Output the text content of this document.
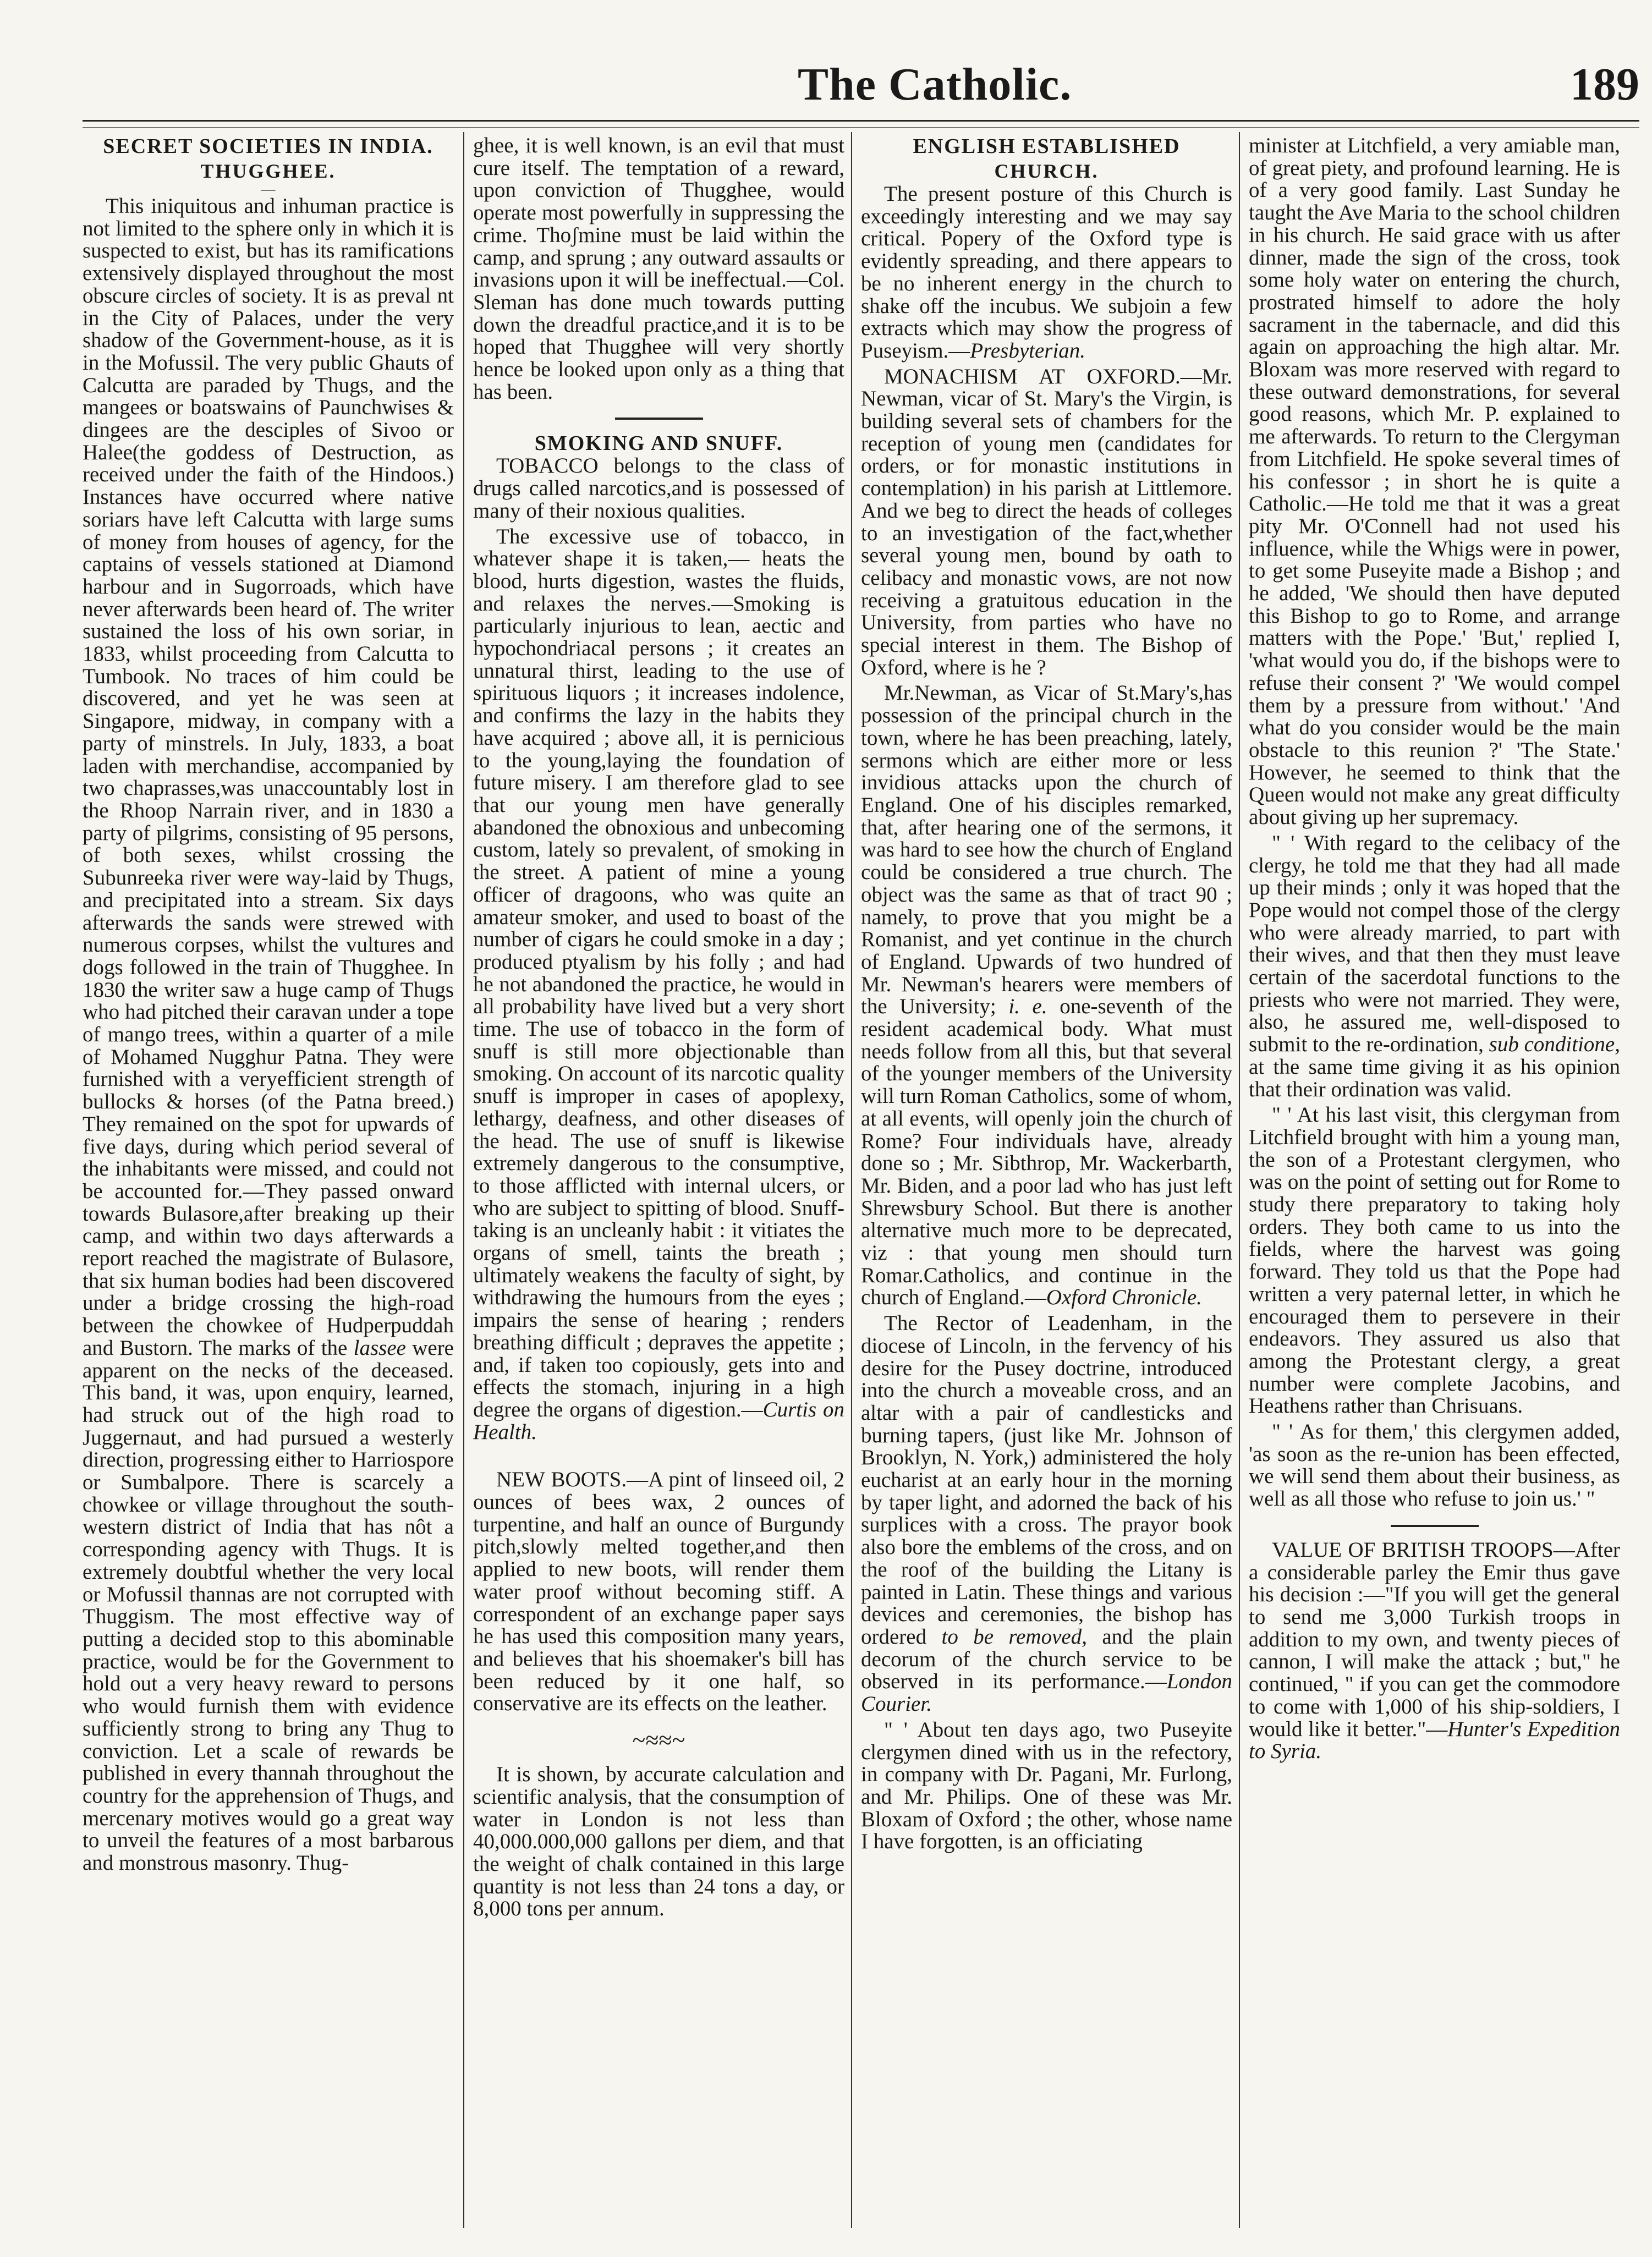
The Catholic.	189
SECRET SOCIETIES IN INDIA.
THUGGHEE.
—

This iniquitous and inhuman practice is not limited to the sphere only in which it is suspected to exist, but has its ramifications extensively displayed throughout the most obscure circles of society. It is as preval nt in the City of Palaces, under the very shadow of the Government-house, as it is in the Mofussil. The very public Ghauts of Calcutta are paraded by Thugs, and the mangees or boatswains of Paunchwises & dingees are the desciples of Sivoo or Halee(the goddess of Destruction, as received under the faith of the Hindoos.) Instances have occurred where native soriars have left Calcutta with large sums of money from houses of agency, for the captains of vessels stationed at Diamond harbour and in Sugorroads, which have never afterwards been heard of. The writer sustained the loss of his own soriar, in 1833, whilst proceeding from Calcutta to Tumbook. No traces of him could be discovered, and yet he was seen at Singapore, midway, in company with a party of minstrels. In July, 1833, a boat laden with merchandise, accompanied by two chaprasses,was unaccountably lost in the Rhoop Narrain river, and in 1830 a party of pilgrims, consisting of 95 persons, of both sexes, whilst crossing the Subunreeka river were way-laid by Thugs, and precipitated into a stream. Six days afterwards the sands were strewed with numerous corpses, whilst the vultures and dogs followed in the train of Thugghee. In 1830 the writer saw a huge camp of Thugs who had pitched their caravan under a tope of mango trees, within a quarter of a mile of Mohamed Nugghur Patna. They were furnished with a veryefficient strength of bullocks & horses (of the Patna breed.) They remained on the spot for upwards of five days, during which period several of the inhabitants were missed, and could not be accounted for.—They passed onward towards Bulasore,after breaking up their camp, and within two days afterwards a report reached the magistrate of Bulasore, that six human bodies had been discovered under a bridge crossing the high-road between the chowkee of Hudperpuddah and Bustorn. The marks of the lassee were apparent on the necks of the deceased. This band, it was, upon enquiry, learned, had struck out of the high road to Juggernaut, and had pursued a westerly direction, progressing either to Harriospore or Sumbalpore. There is scarcely a chowkee or village throughout the south-western district of India that has nôt a corresponding agency with Thugs. It is extremely doubtful whether the very local or Mofussil thannas are not corrupted with Thuggism. The most effective way of putting a decided stop to this abominable practice, would be for the Government to hold out a very heavy reward to persons who would furnish them with evidence sufficiently strong to bring any Thug to conviction. Let a scale of rewards be published in every thannah throughout the country for the apprehension of Thugs, and mercenary motives would go a great way to unveil the features of a most barbarous and monstrous masonry. Thug-

ghee, it is well known, is an evil that must cure itself. The temptation of a reward, upon conviction of Thugghee, would operate most powerfully in suppressing the crime. Thoʃmine must be laid within the camp, and sprung ; any outward assaults or invasions upon it will be ineffectual.—Col. Sleman has done much towards putting down the dreadful practice,and it is to be hoped that Thugghee will very shortly hence be looked upon only as a thing that has been.

SMOKING AND SNUFF.

TOBACCO belongs to the class of drugs called narcotics,and is possessed of many of their noxious qualities.

The excessive use of tobacco, in whatever shape it is taken,— heats the blood, hurts digestion, wastes the fluids, and relaxes the nerves.—Smoking is particularly injurious to lean, aectic and hypochondriacal persons ; it creates an unnatural thirst, leading to the use of spirituous liquors ; it increases indolence, and confirms the lazy in the habits they have acquired ; above all, it is pernicious to the young,laying the foundation of future misery. I am therefore glad to see that our young men have generally abandoned the obnoxious and unbecoming custom, lately so prevalent, of smoking in the street. A patient of mine a young officer of dragoons, who was quite an amateur smoker, and used to boast of the number of cigars he could smoke in a day ; produced ptyalism by his folly ; and had he not abandoned the practice, he would in all probability have lived but a very short time. The use of tobacco in the form of snuff is still more objectionable than smoking. On account of its narcotic quality snuff is improper in cases of apoplexy, lethargy, deafness, and other diseases of the head. The use of snuff is likewise extremely dangerous to the consumptive, to those afflicted with internal ulcers, or who are subject to spitting of blood. Snuff-taking is an uncleanly habit : it vitiates the organs of smell, taints the breath ; ultimately weakens the faculty of sight, by withdrawing the humours from the eyes ; impairs the sense of hearing ; renders breathing difficult ; depraves the appetite ; and, if taken too copiously, gets into and effects the stomach, injuring in a high degree the organs of digestion.—Curtis on Health.

NEW BOOTS.—A pint of linseed oil, 2 ounces of bees wax, 2 ounces of turpentine, and half an ounce of Burgundy pitch,slowly melted together,and then applied to new boots, will render them water proof without becoming stiff. A correspondent of an exchange paper says he has used this composition many years, and believes that his shoemaker's bill has been reduced by it one half, so conservative are its effects on the leather.

~≈≈~

It is shown, by accurate calculation and scientific analysis, that the consumption of water in London is not less than 40,000.000,000 gallons per diem, and that the weight of chalk contained in this large quantity is not less than 24 tons a day, or 8,000 tons per annum.

ENGLISH ESTABLISHED
CHURCH.

The present posture of this Church is exceedingly interesting and we may say critical. Popery of the Oxford type is evidently spreading, and there appears to be no inherent energy in the church to shake off the incubus. We subjoin a few extracts which may show the progress of Puseyism.—Presbyterian.

MONACHISM AT OXFORD.—Mr. Newman, vicar of St. Mary's the Virgin, is building several sets of chambers for the reception of young men (candidates for orders, or for monastic institutions in contemplation) in his parish at Littlemore. And we beg to direct the heads of colleges to an investigation of the fact,whether several young men, bound by oath to celibacy and monastic vows, are not now receiving a gratuitous education in the University, from parties who have no special interest in them. The Bishop of Oxford, where is he ?

Mr.Newman, as Vicar of St.Mary's,has possession of the principal church in the town, where he has been preaching, lately, sermons which are either more or less invidious attacks upon the church of England. One of his disciples remarked, that, after hearing one of the sermons, it was hard to see how the church of England could be considered a true church. The object was the same as that of tract 90 ; namely, to prove that you might be a Romanist, and yet continue in the church of England. Upwards of two hundred of Mr. Newman's hearers were members of the University; i. e. one-seventh of the resident academical body. What must needs follow from all this, but that several of the younger members of the University will turn Roman Catholics, some of whom, at all events, will openly join the church of Rome? Four individuals have, already done so ; Mr. Sibthrop, Mr. Wackerbarth, Mr. Biden, and a poor lad who has just left Shrewsbury School. But there is another alternative much more to be deprecated, viz : that young men should turn Romar.Catholics, and continue in the church of England.—Oxford Chronicle.

The Rector of Leadenham, in the diocese of Lincoln, in the fervency of his desire for the Pusey doctrine, introduced into the church a moveable cross, and an altar with a pair of candlesticks and burning tapers, (just like Mr. Johnson of Brooklyn, N. York,) administered the holy eucharist at an early hour in the morning by taper light, and adorned the back of his surplices with a cross. The prayor book also bore the emblems of the cross, and on the roof of the building the Litany is painted in Latin. These things and various devices and ceremonies, the bishop has ordered to be removed, and the plain decorum of the church service to be observed in its performance.—London Courier.

" ' About ten days ago, two Puseyite clergymen dined with us in the refectory, in company with Dr. Pagani, Mr. Furlong, and Mr. Philips. One of these was Mr. Bloxam of Oxford ; the other, whose name I have forgotten, is an officiating

minister at Litchfield, a very amiable man, of great piety, and profound learning. He is of a very good family. Last Sunday he taught the Ave Maria to the school children in his church. He said grace with us after dinner, made the sign of the cross, took some holy water on entering the church, prostrated himself to adore the holy sacrament in the tabernacle, and did this again on approaching the high altar. Mr. Bloxam was more reserved with regard to these outward demonstrations, for several good reasons, which Mr. P. explained to me afterwards. To return to the Clergyman from Litchfield. He spoke several times of his confessor ; in short he is quite a Catholic.—He told me that it was a great pity Mr. O'Connell had not used his influence, while the Whigs were in power, to get some Puseyite made a Bishop ; and he added, 'We should then have deputed this Bishop to go to Rome, and arrange matters with the Pope.' 'But,' replied I, 'what would you do, if the bishops were to refuse their consent ?' 'We would compel them by a pressure from without.' 'And what do you consider would be the main obstacle to this reunion ?' 'The State.' However, he seemed to think that the Queen would not make any great difficulty about giving up her supremacy.

" ' With regard to the celibacy of the clergy, he told me that they had all made up their minds ; only it was hoped that the Pope would not compel those of the clergy who were already married, to part with their wives, and that then they must leave certain of the sacerdotal functions to the priests who were not married. They were, also, he assured me, well-disposed to submit to the re-ordination, sub conditione, at the same time giving it as his opinion that their ordination was valid.

" ' At his last visit, this clergyman from Litchfield brought with him a young man, the son of a Protestant clergymen, who was on the point of setting out for Rome to study there preparatory to taking holy orders. They both came to us into the fields, where the harvest was going forward. They told us that the Pope had written a very paternal letter, in which he encouraged them to persevere in their endeavors. They assured us also that among the Protestant clergy, a great number were complete Jacobins, and Heathens rather than Chrisuans.

" ' As for them,' this clergymen added, 'as soon as the re-union has been effected, we will send them about their business, as well as all those who refuse to join us.' "

VALUE OF BRITISH TROOPS—After a considerable parley the Emir thus gave his decision :—"If you will get the general to send me 3,000 Turkish troops in addition to my own, and twenty pieces of cannon, I will make the attack ; but," he continued, " if you can get the commodore to come with 1,000 of his ship-soldiers, I would like it better."—Hunter's Expedition to Syria.
